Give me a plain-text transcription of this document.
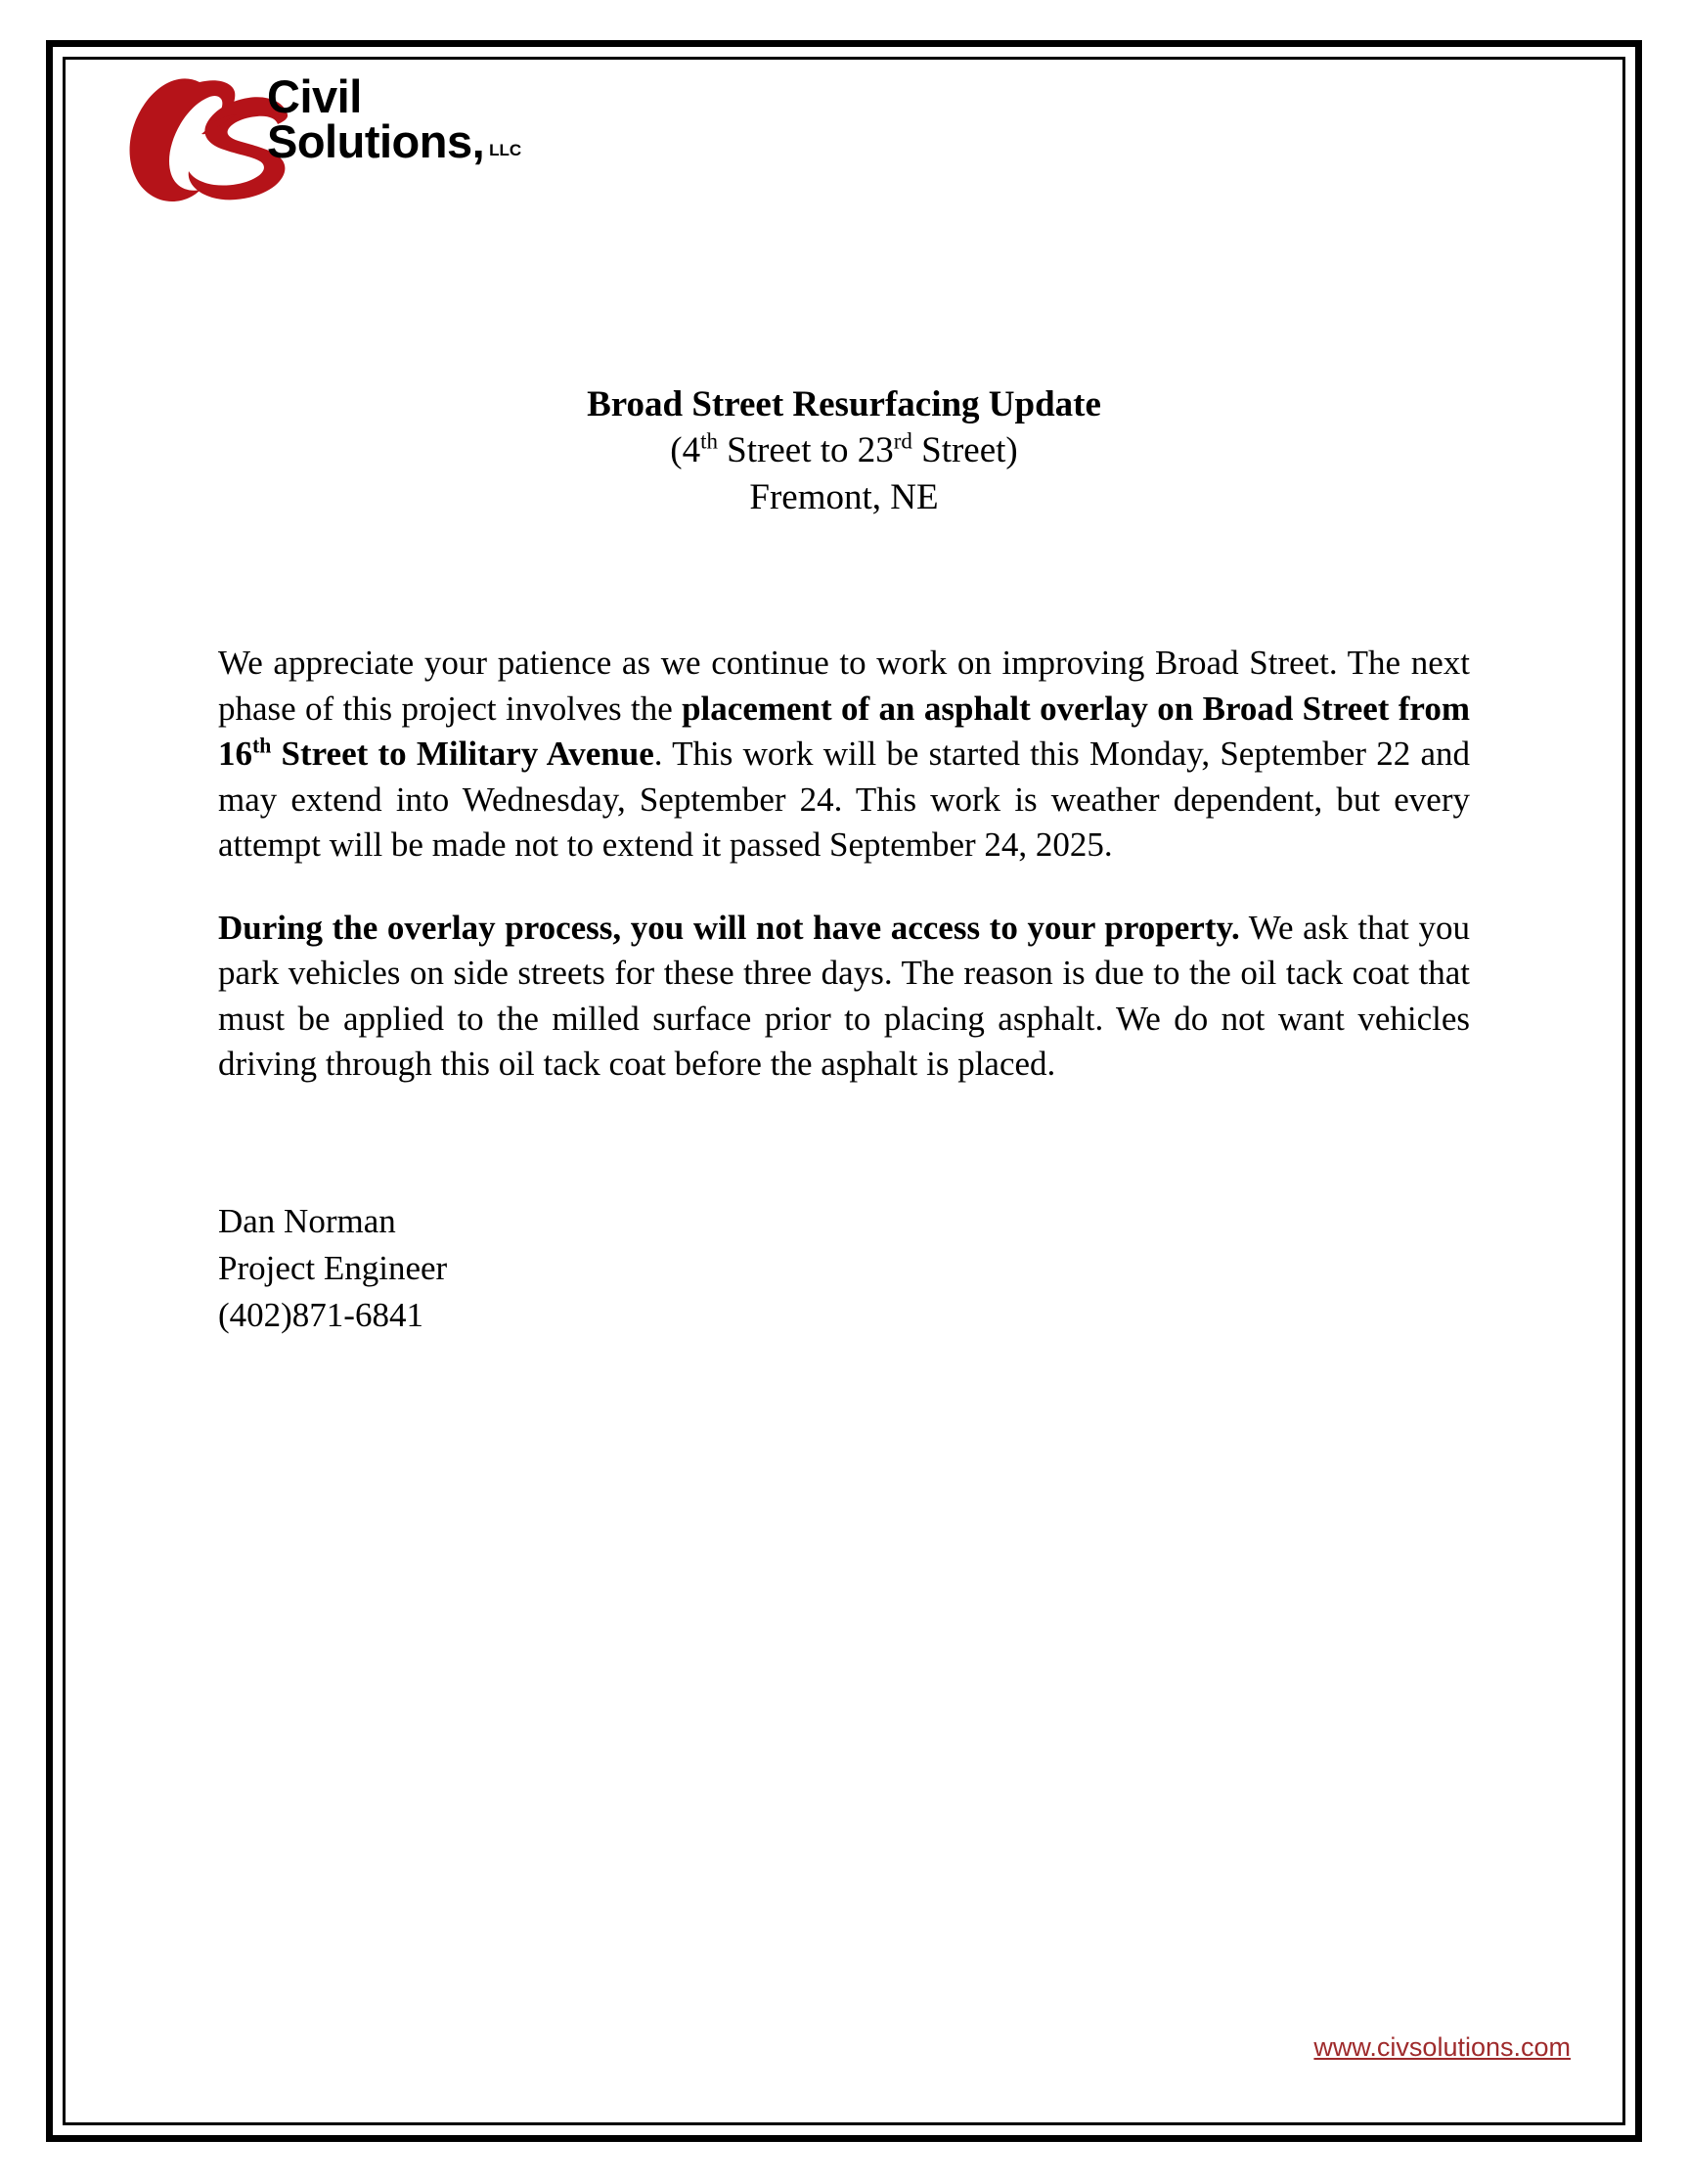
Civil
Solutions, LLC
Broad Street Resurfacing Update
(4th Street to 23rd Street)
Fremont, NE

We appreciate your patience as we continue to work on improving Broad Street. The next phase of this project involves the placement of an asphalt overlay on Broad Street from 16th Street to Military Avenue. This work will be started this Monday, September 22 and may extend into Wednesday, September 24. This work is weather dependent, but every attempt will be made not to extend it passed September 24, 2025.

During the overlay process, you will not have access to your property. We ask that you park vehicles on side streets for these three days. The reason is due to the oil tack coat that must be applied to the milled surface prior to placing asphalt. We do not want vehicles driving through this oil tack coat before the asphalt is placed.

Dan Norman
Project Engineer
(402)871-6841
www.civsolutions.com
